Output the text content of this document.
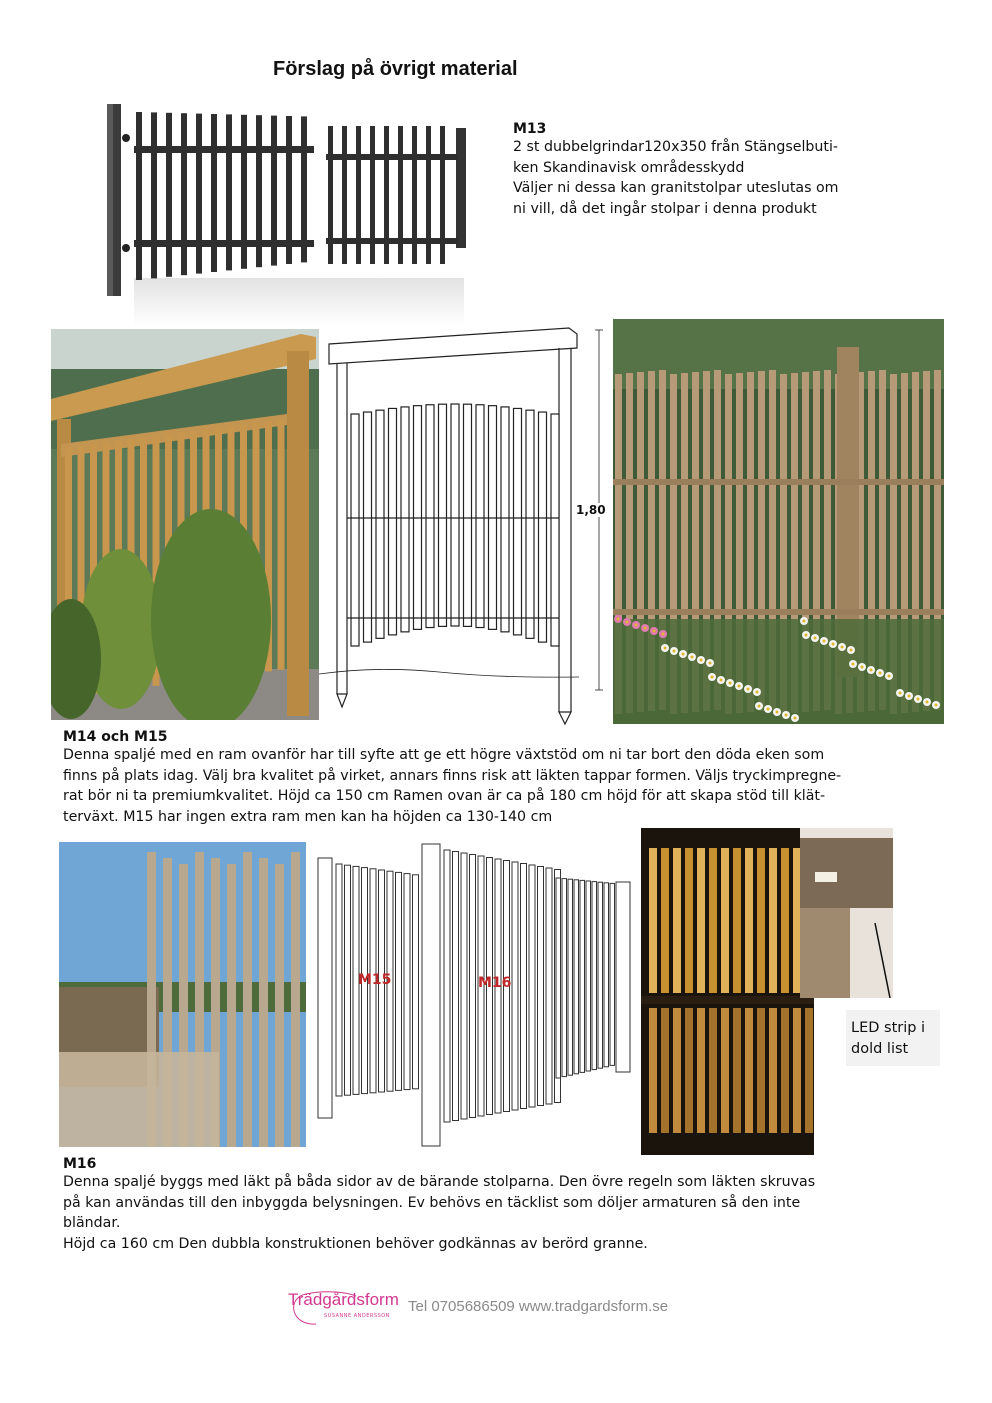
Förslag på övrigt material
M13

2 st dubbelgrindar120x350 från Stängselbuti-

ken Skandinavisk områdesskydd

Väljer ni dessa kan granitstolpar uteslutas om

ni vill, då det ingår stolpar i denna produkt

1,80
M14 och M15

Denna spaljé med en ram ovanför har till syfte att ge ett högre växtstöd om ni tar bort den döda eken som

finns på plats idag. Välj bra kvalitet på virket, annars finns risk att läkten tappar formen. Väljs tryckimpregne-

rat bör ni ta premiumkvalitet. Höjd ca 150 cm Ramen ovan är ca på 180 cm höjd för att skapa stöd till klät-

terväxt. M15 har ingen extra ram men kan ha höjden ca 130-140 cm

M15	M16
LED strip i
dold list
M16

Denna spaljé byggs med läkt på båda sidor av de bärande stolparna. Den övre regeln som läkten skruvas

på kan användas till den inbyggda belysningen. Ev behövs en täcklist som döljer armaturen så den inte

bländar.

Höjd ca 160 cm Den dubbla konstruktionen behöver godkännas av berörd granne.

Trädgårdsform
SUSANNE ANDERSSON
Tel 0705686509 www.tradgardsform.se
